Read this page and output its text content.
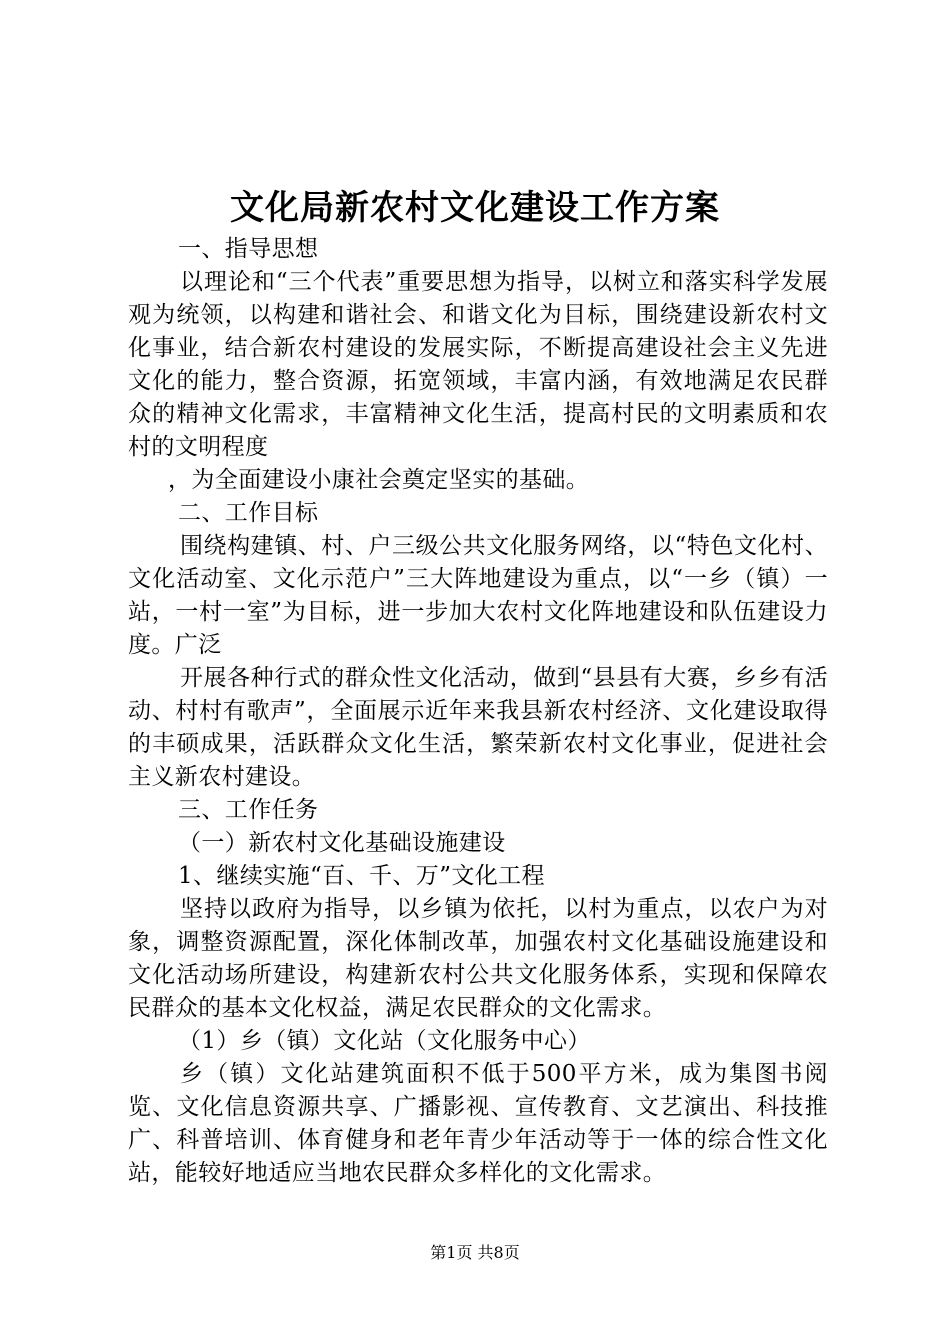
文化局新农村文化建设工作方案

一、指导思想

以理论和“三个代表”重要思想为指导，以树立和落实科学发展观为统领，以构建和谐社会、和谐文化为目标，围绕建设新农村文化事业，结合新农村建设的发展实际，不断提高建设社会主义先进文化的能力，整合资源，拓宽领域，丰富内涵，有效地满足农民群众的精神文化需求，丰富精神文化生活，提高村民的文明素质和农村的文明程度

，为全面建设小康社会奠定坚实的基础。

二、工作目标

围绕构建镇、村、户三级公共文化服务网络，以“特色文化村、文化活动室、文化示范户”三大阵地建设为重点，以“一乡（镇）一站，一村一室”为目标，进一步加大农村文化阵地建设和队伍建设力度。广泛

开展各种行式的群众性文化活动，做到“县县有大赛，乡乡有活动、村村有歌声”，全面展示近年来我县新农村经济、文化建设取得的丰硕成果，活跃群众文化生活，繁荣新农村文化事业，促进社会主义新农村建设。

三、工作任务

（一）新农村文化基础设施建设

1、继续实施“百、千、万”文化工程

坚持以政府为指导，以乡镇为依托，以村为重点，以农户为对象，调整资源配置，深化体制改革，加强农村文化基础设施建设和文化活动场所建设，构建新农村公共文化服务体系，实现和保障农民群众的基本文化权益，满足农民群众的文化需求。

（1）乡（镇）文化站（文化服务中心）

乡（镇）文化站建筑面积不低于500平方米，成为集图书阅览、文化信息资源共享、广播影视、宣传教育、文艺演出、科技推广、科普培训、体育健身和老年青少年活动等于一体的综合性文化站，能较好地适应当地农民群众多样化的文化需求。

第1页 共8页
